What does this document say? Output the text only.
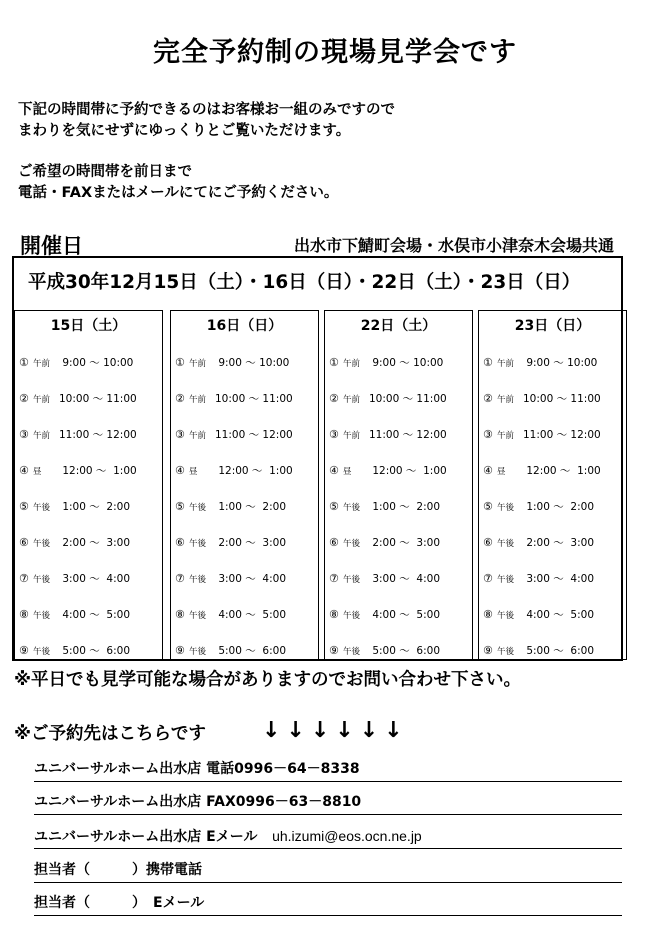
完全予約制の現場見学会です
下記の時間帯に予約できるのはお客様お一組のみですので
まわりを気にせずにゆっくりとご覧いただけます。
ご希望の時間帯を前日まで
電話・FAXまたはメールにてにご予約ください。
開催日	出水市下鯖町会場・水俣市小津奈木会場共通
平成30年12月15日（土）・16日（日）・22日（土）・23日（日）
15日（土）
① 午前 9:00 ～ 10:00
② 午前 10:00 ～ 11:00
③ 午前 11:00 ～ 12:00
④ 昼 12:00 ～  1:00
⑤ 午後 1:00 ～  2:00
⑥ 午後 2:00 ～  3:00
⑦ 午後 3:00 ～  4:00
⑧ 午後 4:00 ～  5:00
⑨ 午後 5:00 ～  6:00
16日（日）
① 午前 9:00 ～ 10:00
② 午前 10:00 ～ 11:00
③ 午前 11:00 ～ 12:00
④ 昼 12:00 ～  1:00
⑤ 午後 1:00 ～  2:00
⑥ 午後 2:00 ～  3:00
⑦ 午後 3:00 ～  4:00
⑧ 午後 4:00 ～  5:00
⑨ 午後 5:00 ～  6:00
22日（土）
① 午前 9:00 ～ 10:00
② 午前 10:00 ～ 11:00
③ 午前 11:00 ～ 12:00
④ 昼 12:00 ～  1:00
⑤ 午後 1:00 ～  2:00
⑥ 午後 2:00 ～  3:00
⑦ 午後 3:00 ～  4:00
⑧ 午後 4:00 ～  5:00
⑨ 午後 5:00 ～  6:00
23日（日）
① 午前 9:00 ～ 10:00
② 午前 10:00 ～ 11:00
③ 午前 11:00 ～ 12:00
④ 昼 12:00 ～  1:00
⑤ 午後 1:00 ～  2:00
⑥ 午後 2:00 ～  3:00
⑦ 午後 3:00 ～  4:00
⑧ 午後 4:00 ～  5:00
⑨ 午後 5:00 ～  6:00
※平日でも見学可能な場合がありますのでお問い合わせ下さい。
※ご予約先はこちらです	↓↓↓↓↓↓
ユニバーサルホーム出水店 電話0996－64－8338
ユニバーサルホーム出水店 FAX0996－63－8810
ユニバーサルホーム出水店 Eメール uh.izumi@eos.ocn.ne.jp
担当者（　　　）携帯電話
担当者（　　　）　Eメール
